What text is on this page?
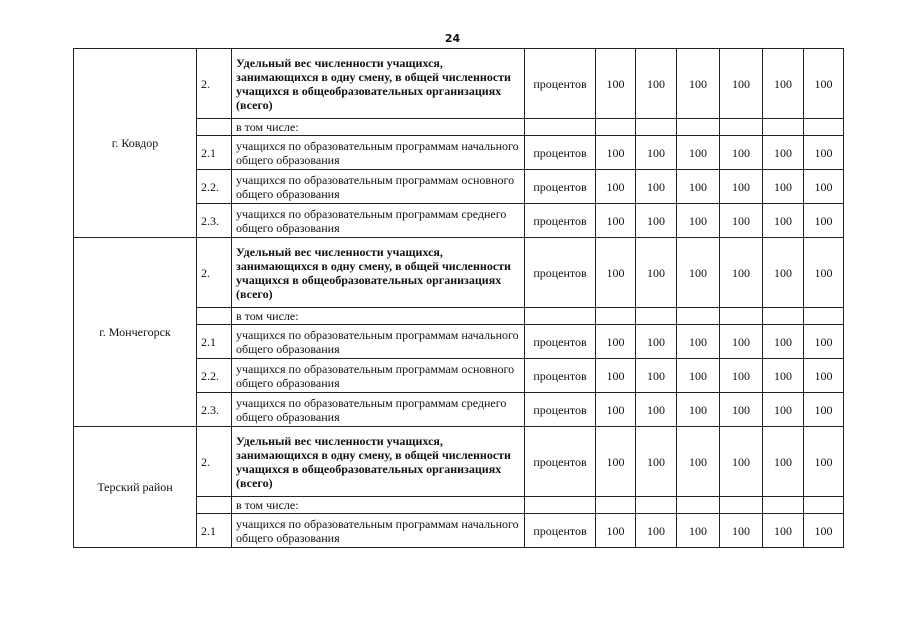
24
г. Ковдор	2.	Удельный вес численности учащихся, занимающихся в одну смену, в общей численности учащихся в общеобразовательных организациях (всего)	процентов	100	100	100	100	100	100
		в том числе:							
	2.1	учащихся по образовательным программам начального общего образования	процентов	100	100	100	100	100	100
	2.2.	учащихся по образовательным программам основного общего образования	процентов	100	100	100	100	100	100
	2.3.	учащихся по образовательным программам среднего общего образования	процентов	100	100	100	100	100	100
г. Мончегорск	2.	Удельный вес численности учащихся, занимающихся в одну смену, в общей численности учащихся в общеобразовательных организациях (всего)	процентов	100	100	100	100	100	100
		в том числе:							
	2.1	учащихся по образовательным программам начального общего образования	процентов	100	100	100	100	100	100
	2.2.	учащихся по образовательным программам основного общего образования	процентов	100	100	100	100	100	100
	2.3.	учащихся по образовательным программам среднего общего образования	процентов	100	100	100	100	100	100
Терский район	2.	Удельный вес численности учащихся, занимающихся в одну смену, в общей численности учащихся в общеобразовательных организациях (всего)	процентов	100	100	100	100	100	100
		в том числе:							
	2.1	учащихся по образовательным программам начального общего образования	процентов	100	100	100	100	100	100
